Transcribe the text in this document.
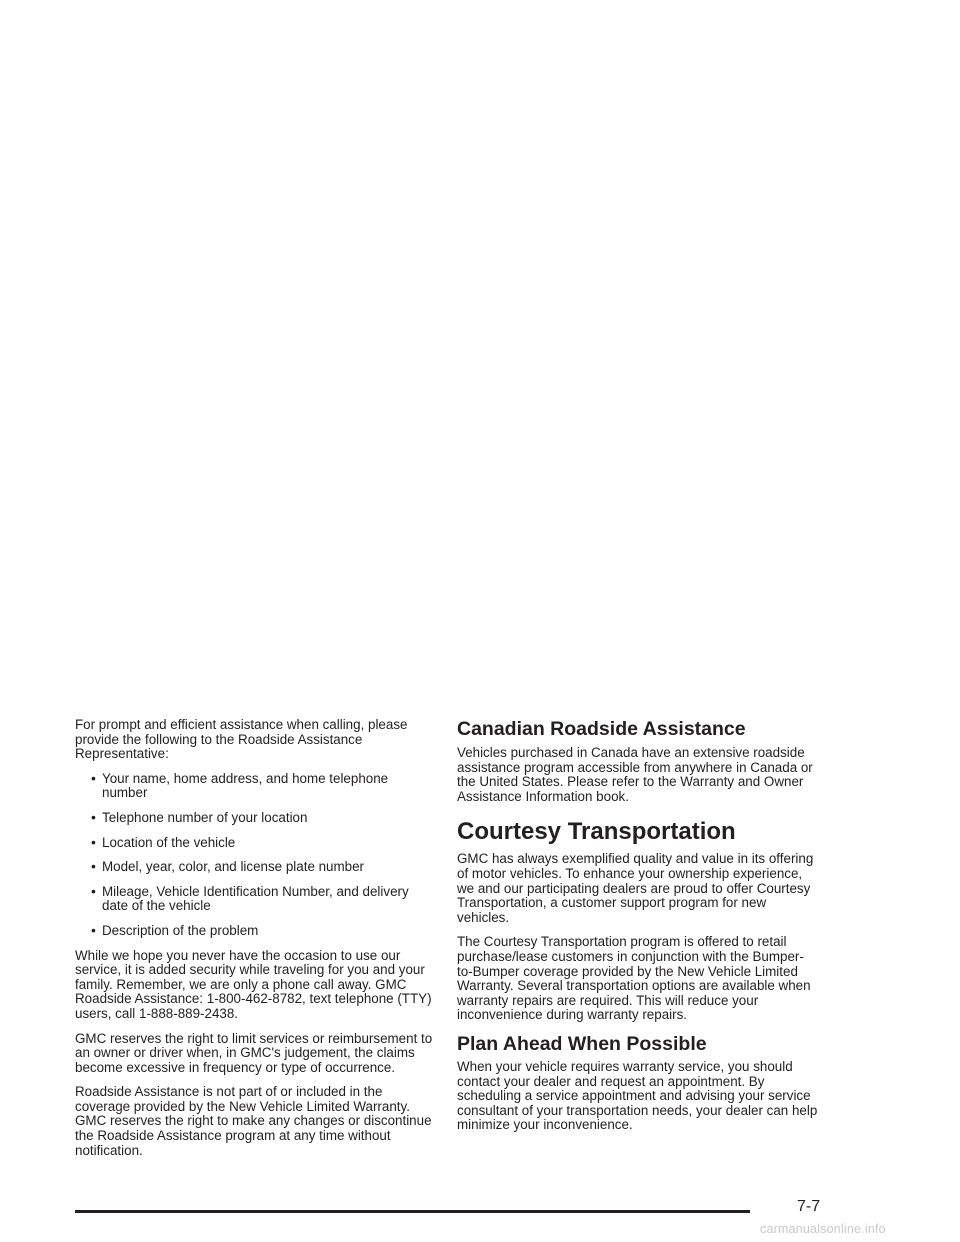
For prompt and efficient assistance when calling, please provide the following to the Roadside Assistance Representative:

• Your name, home address, and home telephone number
• Telephone number of your location
• Location of the vehicle
• Model, year, color, and license plate number
• Mileage, Vehicle Identification Number, and delivery date of the vehicle
• Description of the problem

While we hope you never have the occasion to use our service, it is added security while traveling for you and your family. Remember, we are only a phone call away. GMC Roadside Assistance: 1-800-462-8782, text telephone (TTY) users, call 1-888-889-2438.

GMC reserves the right to limit services or reimbursement to an owner or driver when, in GMC's judgement, the claims become excessive in frequency or type of occurrence.

Roadside Assistance is not part of or included in the coverage provided by the New Vehicle Limited Warranty. GMC reserves the right to make any changes or discontinue the Roadside Assistance program at any time without notification.

Canadian Roadside Assistance

Vehicles purchased in Canada have an extensive roadside assistance program accessible from anywhere in Canada or the United States. Please refer to the Warranty and Owner Assistance Information book.

Courtesy Transportation

GMC has always exemplified quality and value in its offering of motor vehicles. To enhance your ownership experience, we and our participating dealers are proud to offer Courtesy Transportation, a customer support program for new vehicles.

The Courtesy Transportation program is offered to retail purchase/lease customers in conjunction with the Bumper-to-Bumper coverage provided by the New Vehicle Limited Warranty. Several transportation options are available when warranty repairs are required. This will reduce your inconvenience during warranty repairs.

Plan Ahead When Possible

When your vehicle requires warranty service, you should contact your dealer and request an appointment. By scheduling a service appointment and advising your service consultant of your transportation needs, your dealer can help minimize your inconvenience.

7-7
carmanualsonline.info
